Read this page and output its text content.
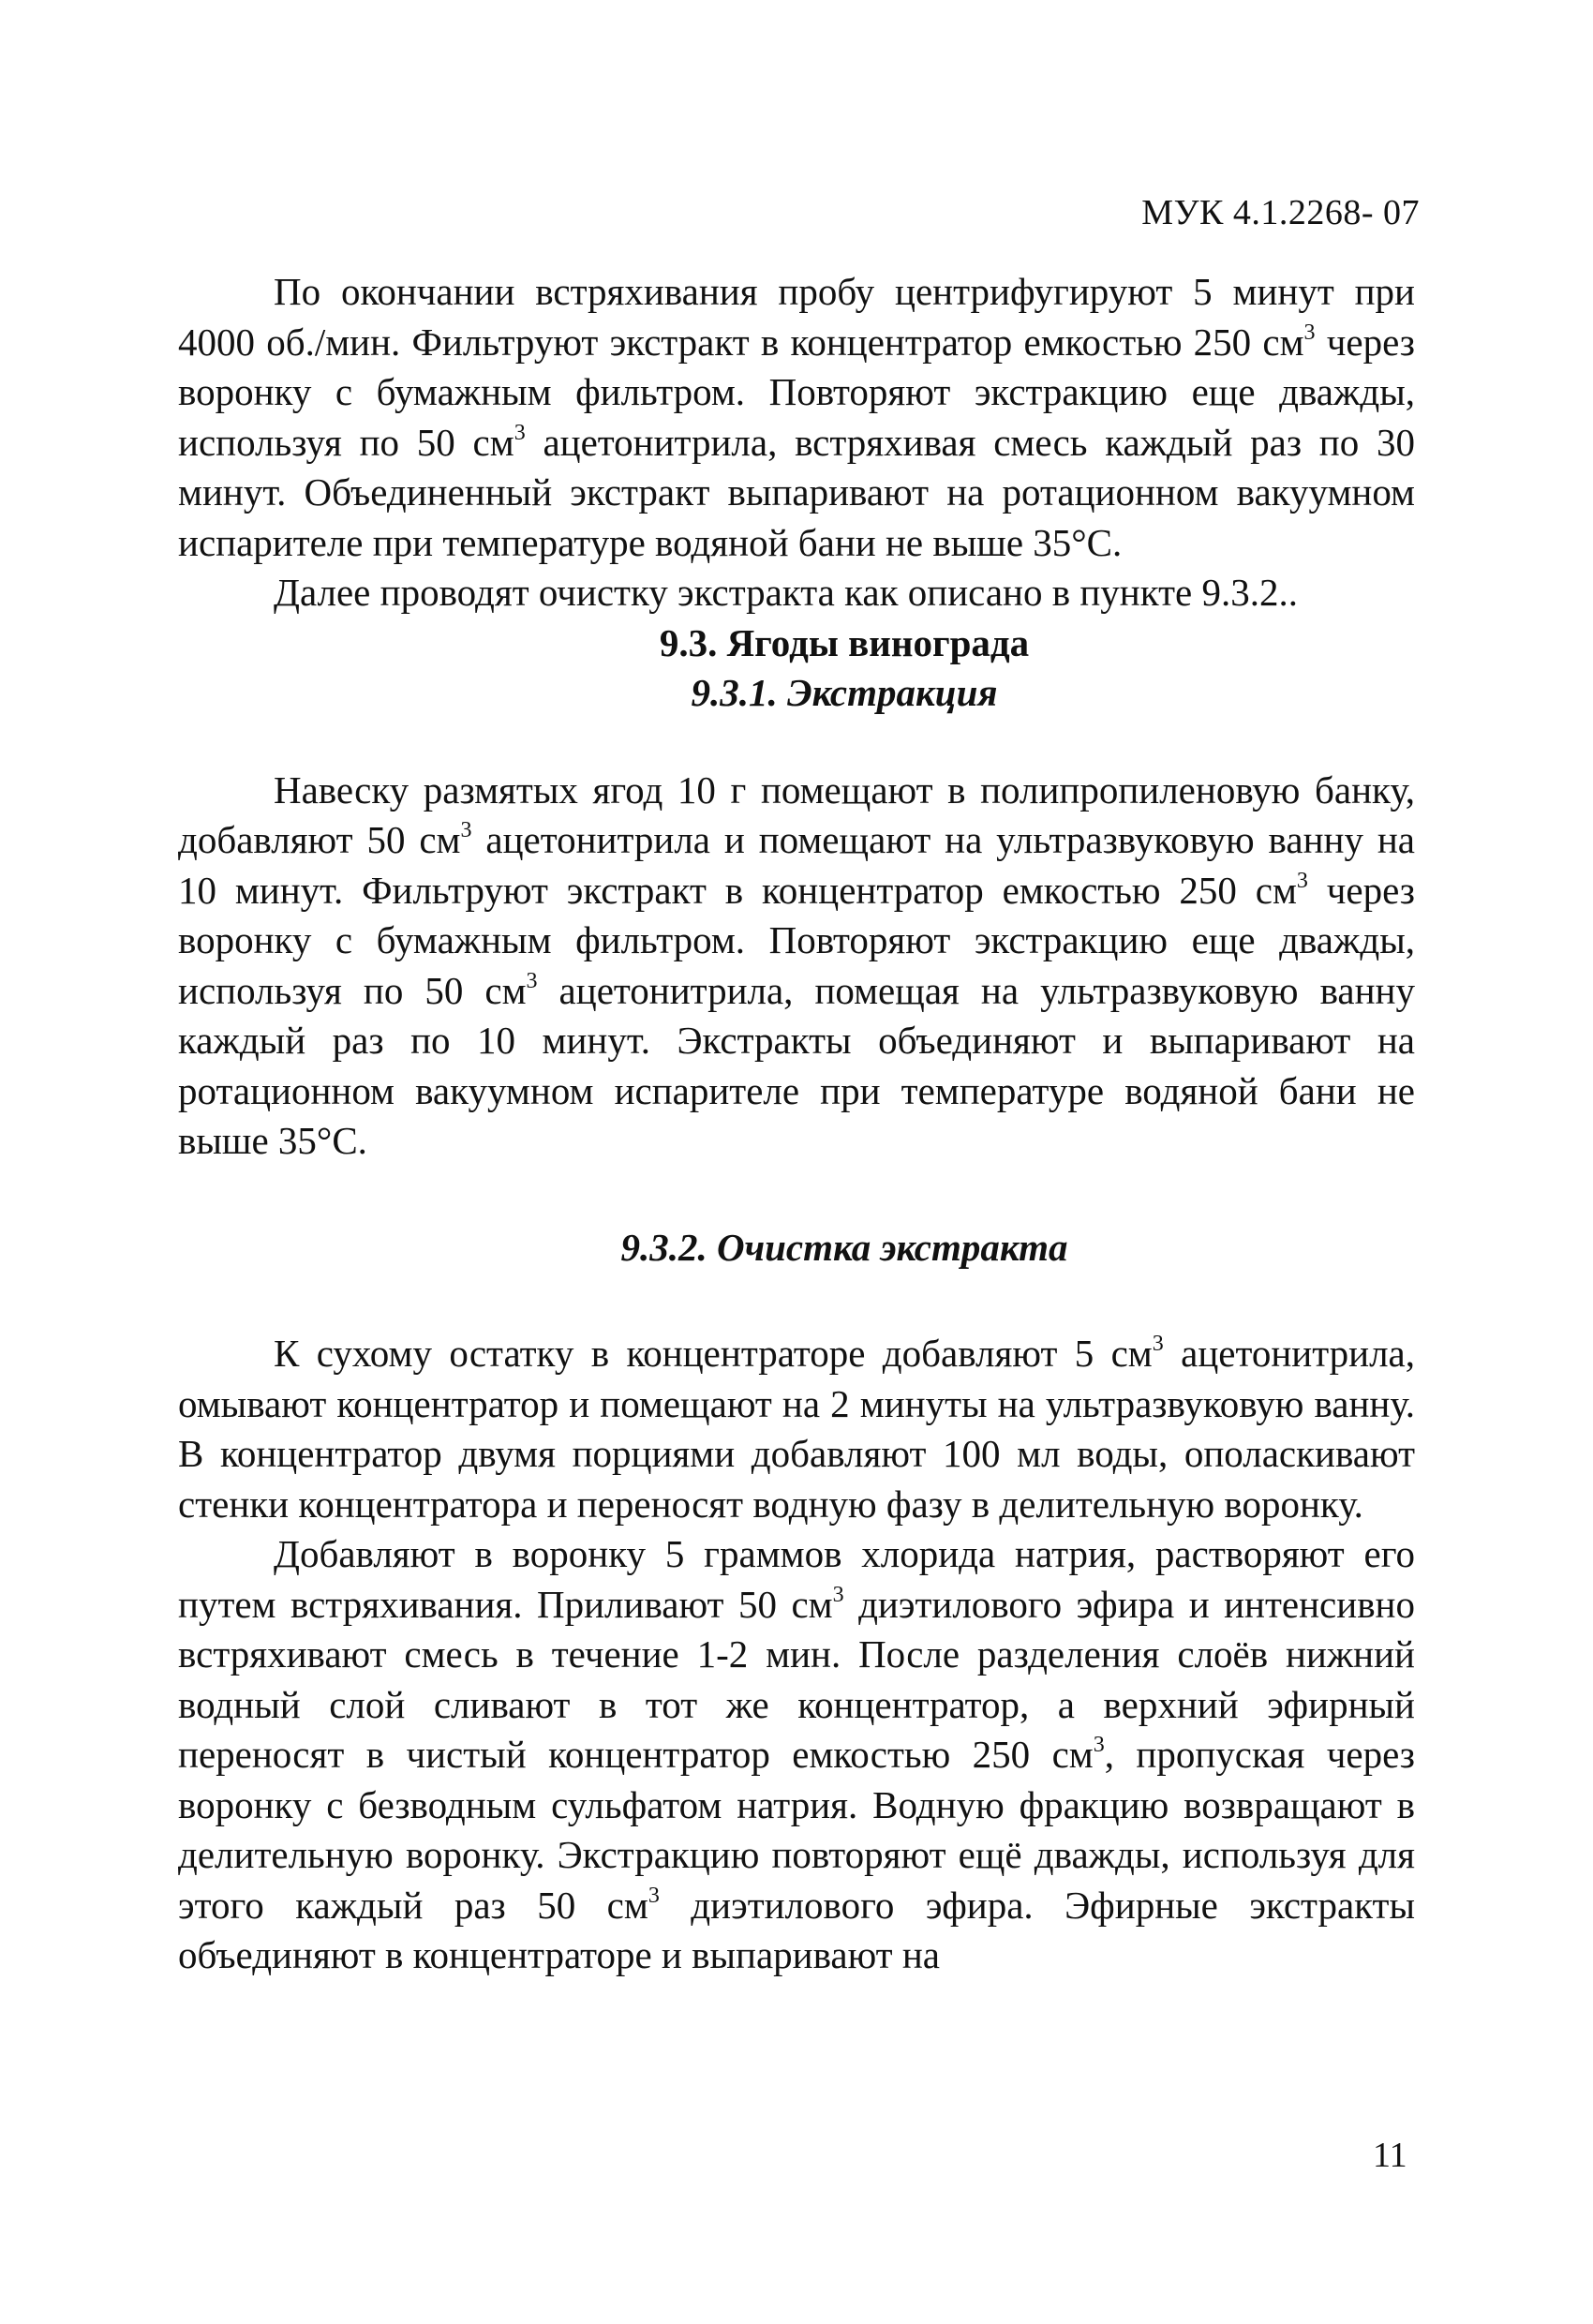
МУК 4.1.2268- 07

По окончании встряхивания пробу центрифугируют 5 минут при 4000 об./мин. Фильтруют экстракт в концентратор емкостью 250 $см^3$ через воронку с бумажным фильтром. Повторяют экстракцию еще дважды, используя по 50 $см^3$ ацетонитрила, встряхивая смесь каждый раз по 30 минут. Объединенный экстракт выпаривают на ротационном вакуумном испарителе при температуре водяной бани не выше 35°С.

Далее проводят очистку экстракта как описано в пункте 9.3.2..

9.3. Ягоды винограда

9.3.1. Экстракция

Навеску размятых ягод 10 г помещают в полипропиленовую банку, добавляют 50 $см^3$ ацетонитрила и помещают на ультразвуковую ванну на 10 минут. Фильтруют экстракт в концентратор емкостью 250 $см^3$ через воронку с бумажным фильтром. Повторяют экстракцию еще дважды, используя по 50 $см^3$ ацетонитрила, помещая на ультразвуковую ванну каждый раз по 10 минут. Экстракты объединяют и выпаривают на ротационном вакуумном испарителе при температуре водяной бани не выше 35°С.

9.3.2. Очистка экстракта

К сухому остатку в концентраторе добавляют 5 $см^3$ ацетонитрила, омывают концентратор и помещают на 2 минуты на ультразвуковую ванну. В концентратор двумя порциями добавляют 100 мл воды, ополаскивают стенки концентратора и переносят водную фазу в делительную воронку.

Добавляют в воронку 5 граммов хлорида натрия, растворяют его путем встряхивания. Приливают 50 $см^3$ диэтилового эфира и интенсивно встряхивают смесь в течение 1-2 мин. После разделения слоёв нижний водный слой сливают в тот же концентратор, а верхний эфирный переносят в чистый концентратор емкостью 250 $см^3$, пропуская через воронку с безводным сульфатом натрия. Водную фракцию возвращают в делительную воронку. Экстракцию повторяют ещё дважды, используя для этого каждый раз 50 $см^3$ диэтилового эфира. Эфирные экстракты объединяют в концентраторе и выпаривают на

11
